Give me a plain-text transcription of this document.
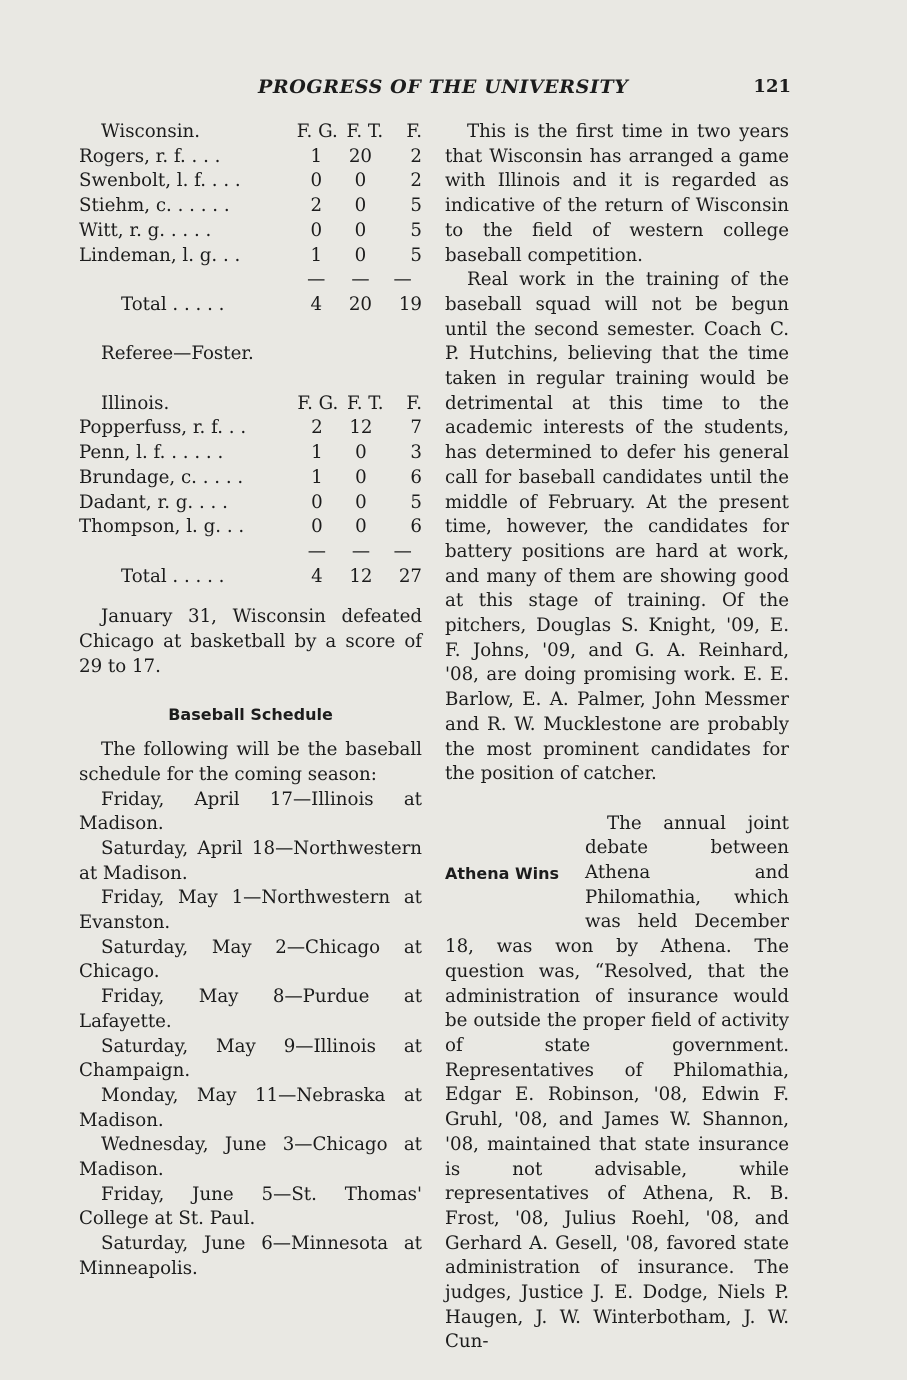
PROGRESS OF THE UNIVERSITY	121
Wisconsin.	F. G.	F. T.	F.
Rogers, r. f. . . .	1	20	2
Swenbolt, l. f. . . .	0	0	2
Stiehm, c. . . . . .	2	0	5
Witt, r. g. . . . .	0	0	5
Lindeman, l. g. . .	1	0	5
	—	—	—
Total . . . . .	4	20	19
Referee—Foster.
Illinois.	F. G.	F. T.	F.
Popperfuss, r. f. . .	2	12	7
Penn, l. f. . . . . .	1	0	3
Brundage, c. . . . .	1	0	6
Dadant, r. g. . . .	0	0	5
Thompson, l. g. . .	0	0	6
	—	—	—
Total . . . . .	4	12	27

January 31, Wisconsin defeated Chicago at basketball by a score of 29 to 17.

Baseball Schedule

The following will be the baseball schedule for the coming season:

Friday, April 17—Illinois at Madison.

Saturday, April 18—Northwestern at Madison.

Friday, May 1—Northwestern at Evanston.

Saturday, May 2—Chicago at Chicago.

Friday, May 8—Purdue at Lafayette.

Saturday, May 9—Illinois at Champaign.

Monday, May 11—Nebraska at Madison.

Wednesday, June 3—Chicago at Madison.

Friday, June 5—St. Thomas' College at St. Paul.

Saturday, June 6—Minnesota at Minneapolis.

This is the first time in two years that Wisconsin has arranged a game with Illinois and it is regarded as indicative of the return of Wisconsin to the field of western college baseball competition.

Real work in the training of the baseball squad will not be begun until the second semester. Coach C. P. Hutchins, believing that the time taken in regular training would be detrimental at this time to the academic interests of the students, has determined to defer his general call for baseball candidates until the middle of February. At the present time, however, the candidates for battery positions are hard at work, and many of them are showing good at this stage of training. Of the pitchers, Douglas S. Knight, '09, E. F. Johns, '09, and G. A. Reinhard, '08, are doing promising work. E. E. Barlow, E. A. Palmer, John Messmer and R. W. Mucklestone are probably the most prominent candidates for the position of catcher.

Athena Wins

The annual joint debate between Athena and Philomathia, which was held December 18, was won by Athena. The question was, “Resolved, that the administration of insurance would be outside the proper field of activity of state government. Representatives of Philomathia, Edgar E. Robinson, '08, Edwin F. Gruhl, '08, and James W. Shannon, '08, maintained that state insurance is not advisable, while representatives of Athena, R. B. Frost, '08, Julius Roehl, '08, and Gerhard A. Gesell, '08, favored state administration of insurance. The judges, Justice J. E. Dodge, Niels P. Haugen, J. W. Winterbotham, J. W. Cun-
